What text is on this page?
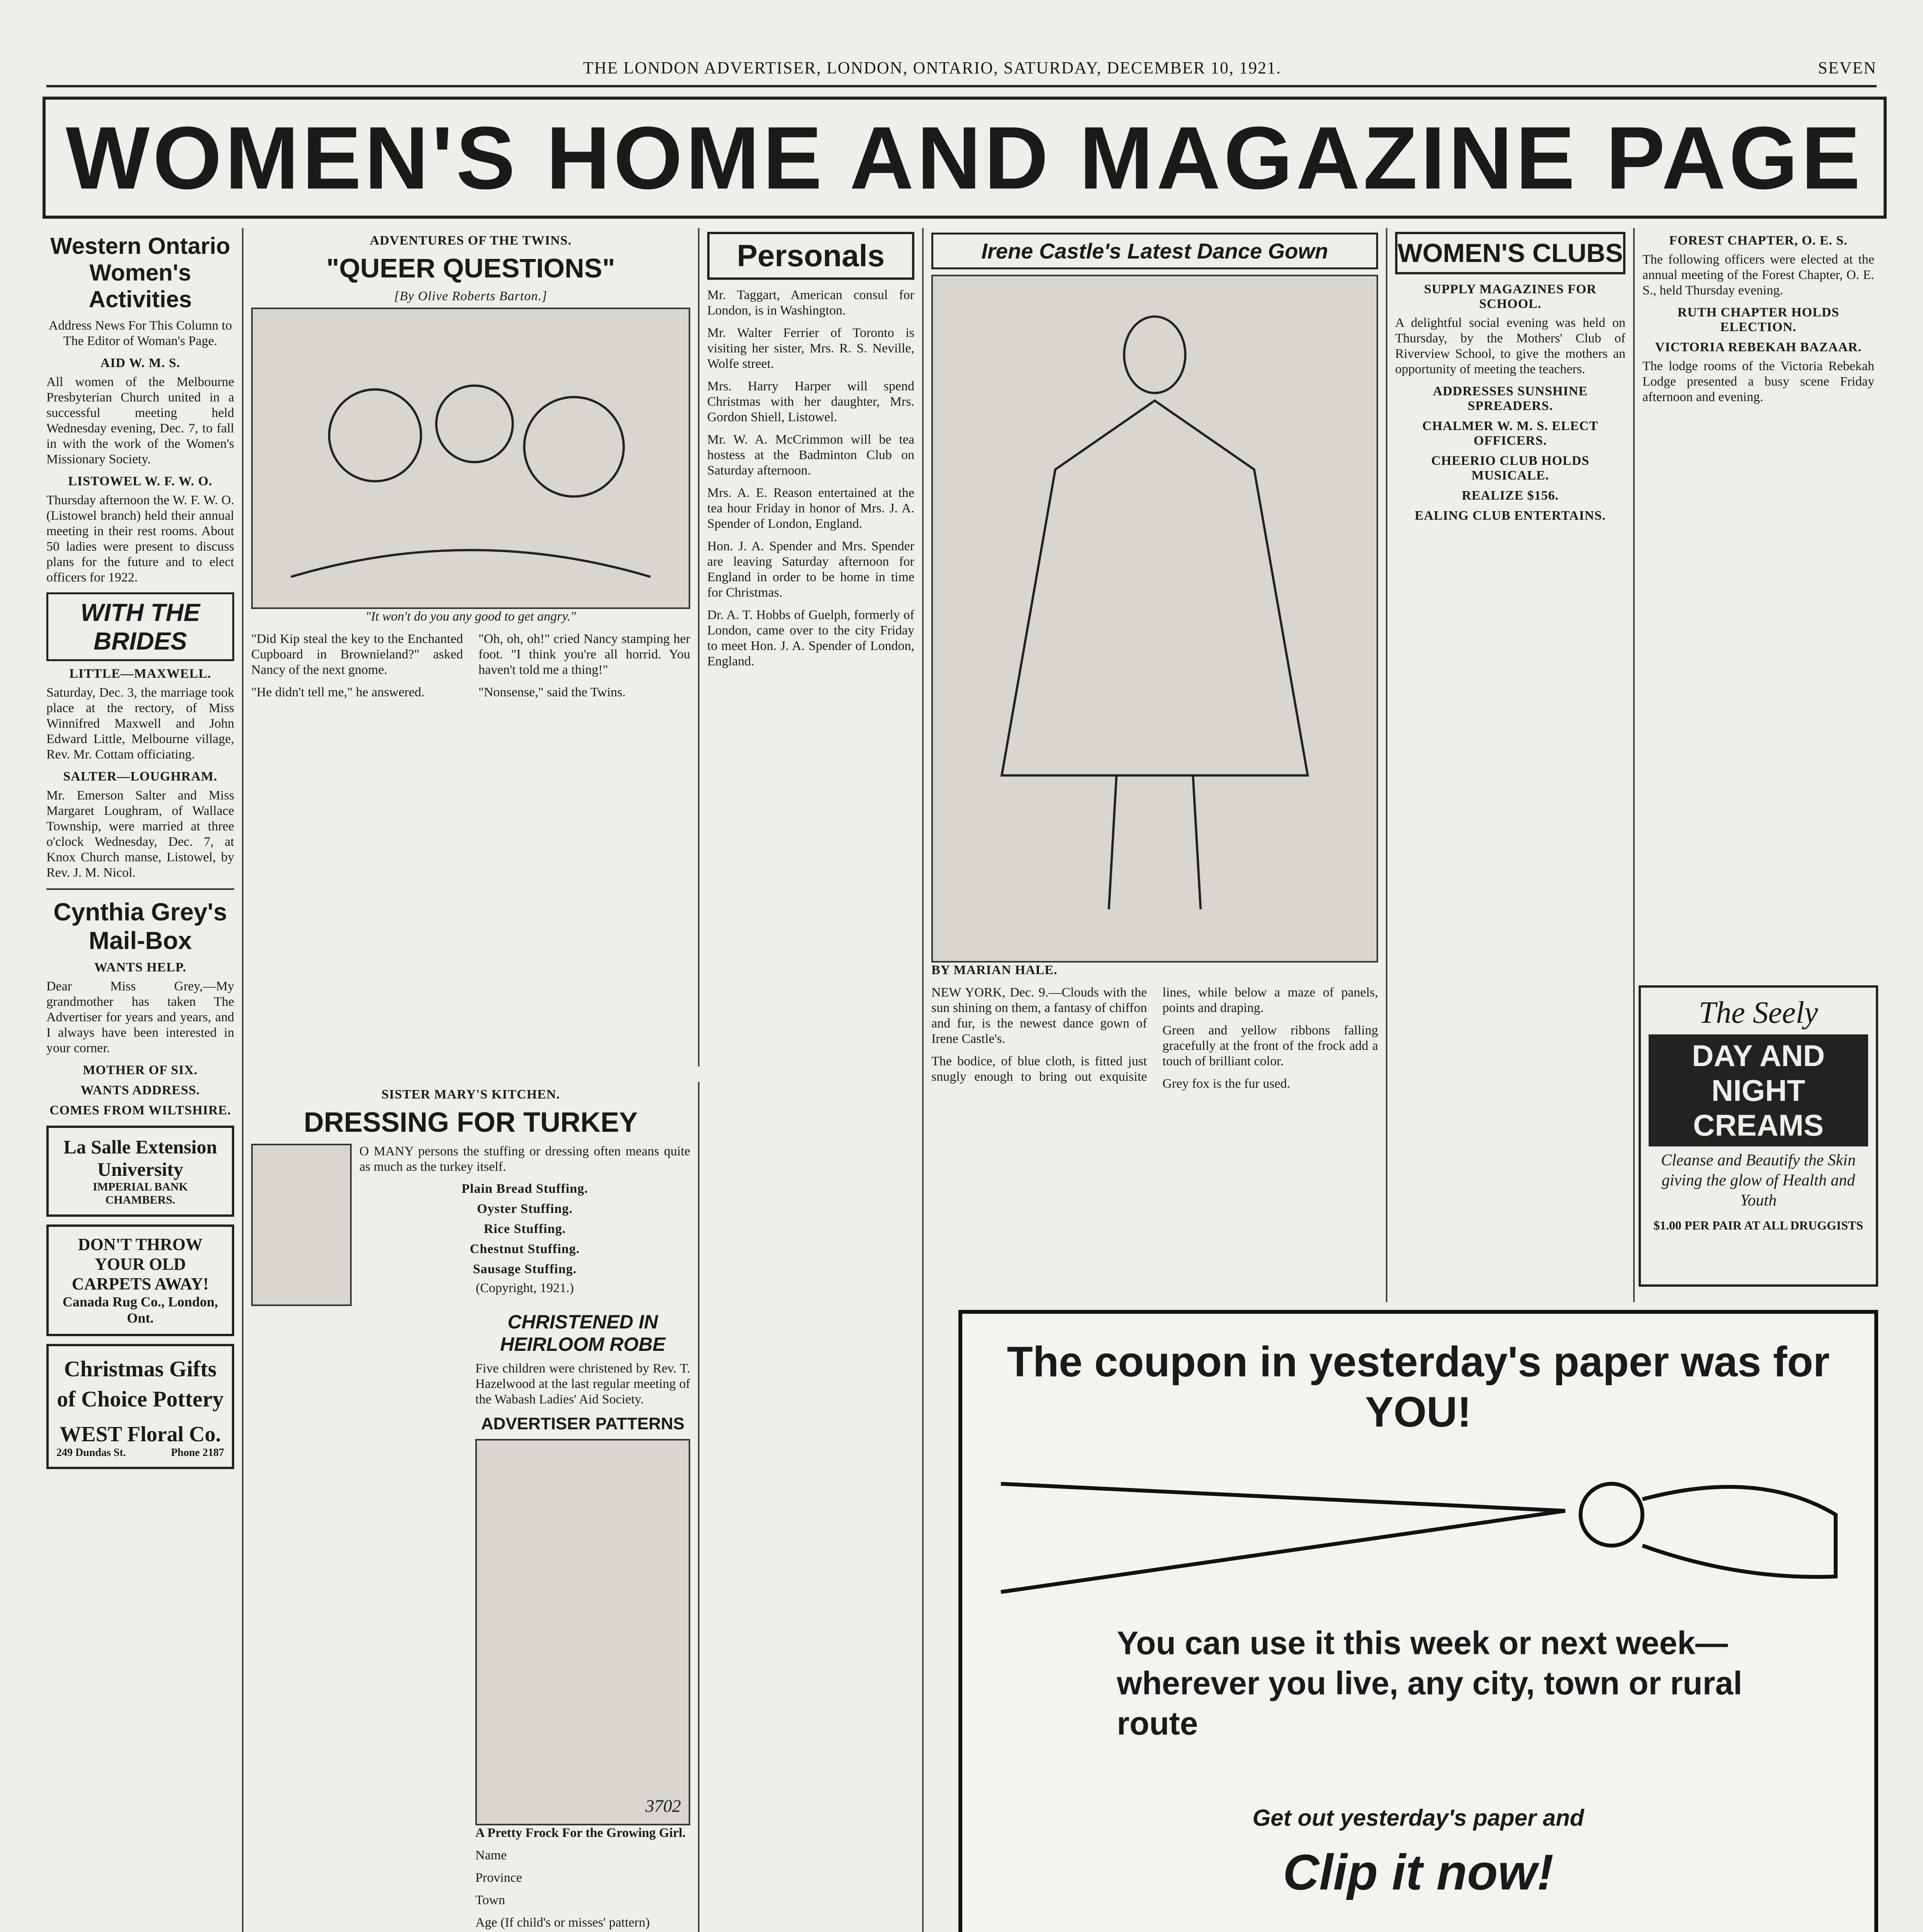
THE LONDON ADVERTISER, LONDON, ONTARIO, SATURDAY, DECEMBER 10, 1921.	SEVEN
WOMEN'S HOME AND MAGAZINE PAGE
Western Ontario Women's Activities

Address News For This Column to The Editor of Woman's Page.

AID W. M. S.

All women of the Melbourne Presbyterian Church united in a successful meeting held Wednesday evening, Dec. 7, to fall in with the work of the Women's Missionary Society.

LISTOWEL W. F. W. O.

Thursday afternoon the W. F. W. O. (Listowel branch) held their annual meeting in their rest rooms. About 50 ladies were present to discuss plans for the future and to elect officers for 1922.

WITH THE BRIDES
LITTLE—MAXWELL.

Saturday, Dec. 3, the marriage took place at the rectory, of Miss Winnifred Maxwell and John Edward Little, Melbourne village, Rev. Mr. Cottam officiating.

SALTER—LOUGHRAM.

Mr. Emerson Salter and Miss Margaret Loughram, of Wallace Township, were married at three o'clock Wednesday, Dec. 7, at Knox Church manse, Listowel, by Rev. J. M. Nicol.

Cynthia Grey's Mail-Box
WANTS HELP.

Dear Miss Grey,—My grandmother has taken The Advertiser for years and years, and I always have been interested in your corner.

MOTHER OF SIX.
WANTS ADDRESS.
COMES FROM WILTSHIRE.
La Salle Extension University
IMPERIAL BANK CHAMBERS.
DON'T THROW YOUR OLD CARPETS AWAY!
Canada Rug Co., London, Ont.
Christmas Gifts of Choice Pottery
WEST Floral Co.
249 Dundas St.	Phone 2187
ADVENTURES OF THE TWINS.
"QUEER QUESTIONS"
[By Olive Roberts Barton.]

"It won't do you any good to get angry."

"Did Kip steal the key to the Enchanted Cupboard in Brownieland?" asked Nancy of the next gnome.

"He didn't tell me," he answered.

"Oh, oh, oh!" cried Nancy stamping her foot. "I think you're all horrid. You haven't told me a thing!"

"Nonsense," said the Twins.

SISTER MARY'S KITCHEN.
DRESSING FOR TURKEY

O MANY persons the stuffing or dressing often means quite as much as the turkey itself.

Plain Bread Stuffing.
Oyster Stuffing.
Rice Stuffing.
Chestnut Stuffing.
Sausage Stuffing.

(Copyright, 1921.)

CHRISTENED IN HEIRLOOM ROBE

Five children were christened by Rev. T. Hazelwood at the last regular meeting of the Wabash Ladies' Aid Society.

ADVERTISER PATTERNS
3702

A Pretty Frock For the Growing Girl.

Name

Province

Town

Age (If child's or misses' pattern)

Personals

Mr. Taggart, American consul for London, is in Washington.

Mr. Walter Ferrier of Toronto is visiting her sister, Mrs. R. S. Neville, Wolfe street.

Mrs. Harry Harper will spend Christmas with her daughter, Mrs. Gordon Shiell, Listowel.

Mr. W. A. McCrimmon will be tea hostess at the Badminton Club on Saturday afternoon.

Mrs. A. E. Reason entertained at the tea hour Friday in honor of Mrs. J. A. Spender of London, England.

Hon. J. A. Spender and Mrs. Spender are leaving Saturday afternoon for England in order to be home in time for Christmas.

Dr. A. T. Hobbs of Guelph, formerly of London, came over to the city Friday to meet Hon. J. A. Spender of London, England.

Irene Castle's Latest Dance Gown

BY MARIAN HALE.

NEW YORK, Dec. 9.—Clouds with the sun shining on them, a fantasy of chiffon and fur, is the newest dance gown of Irene Castle's.

The bodice, of blue cloth, is fitted just snugly enough to bring out exquisite lines, while below a maze of panels, points and draping.

Green and yellow ribbons falling gracefully at the front of the frock add a touch of brilliant color.

Grey fox is the fur used.

WOMEN'S CLUBS
SUPPLY MAGAZINES FOR SCHOOL.

A delightful social evening was held on Thursday, by the Mothers' Club of Riverview School, to give the mothers an opportunity of meeting the teachers.

ADDRESSES SUNSHINE SPREADERS.
CHALMER W. M. S. ELECT OFFICERS.
CHEERIO CLUB HOLDS MUSICALE.
REALIZE $156.
EALING CLUB ENTERTAINS.
FOREST CHAPTER, O. E. S.

The following officers were elected at the annual meeting of the Forest Chapter, O. E. S., held Thursday evening.

RUTH CHAPTER HOLDS ELECTION.
VICTORIA REBEKAH BAZAAR.

The lodge rooms of the Victoria Rebekah Lodge presented a busy scene Friday afternoon and evening.

The Seely
DAY AND NIGHT CREAMS
Cleanse and Beautify the Skin giving the glow of Health and Youth
$1.00 PER PAIR AT ALL DRUGGISTS
The coupon in yesterday's paper was for YOU!
You can use it this week or next week— wherever you live, any city, town or rural route
Get out yesterday's paper and
Clip it now!
